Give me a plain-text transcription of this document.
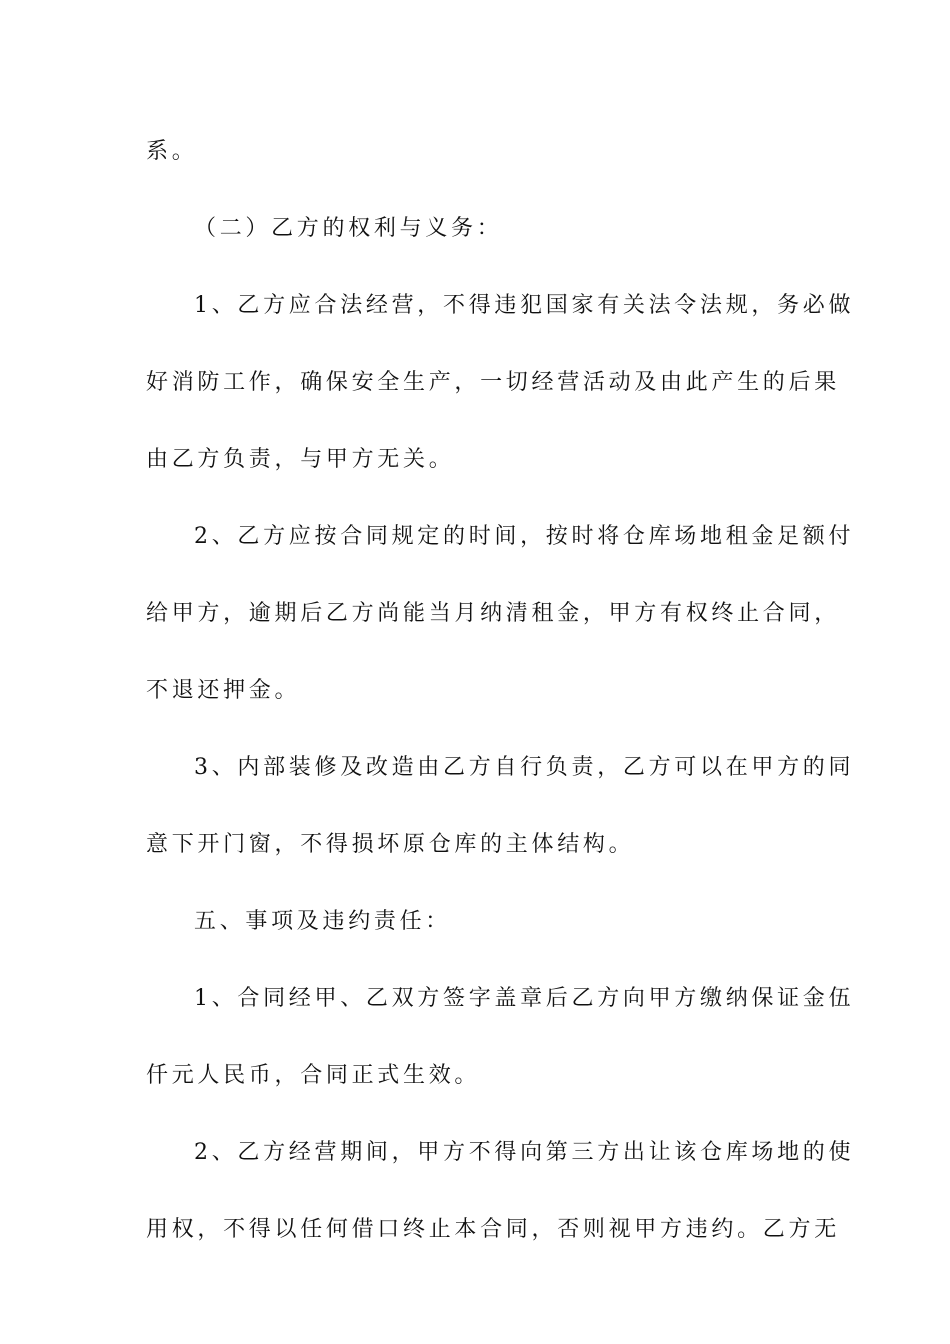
系。
（二）乙方的权利与义务：
1、乙方应合法经营，不得违犯国家有关法令法规，务必做
好消防工作，确保安全生产，一切经营活动及由此产生的后果
由乙方负责，与甲方无关。
2、乙方应按合同规定的时间，按时将仓库场地租金足额付
给甲方，逾期后乙方尚能当月纳清租金，甲方有权终止合同，
不退还押金。
3、内部装修及改造由乙方自行负责，乙方可以在甲方的同
意下开门窗，不得损坏原仓库的主体结构。
五、事项及违约责任：
1、合同经甲、乙双方签字盖章后乙方向甲方缴纳保证金伍
仟元人民币，合同正式生效。
2、乙方经营期间，甲方不得向第三方出让该仓库场地的使
用权，不得以任何借口终止本合同，否则视甲方违约。乙方无
